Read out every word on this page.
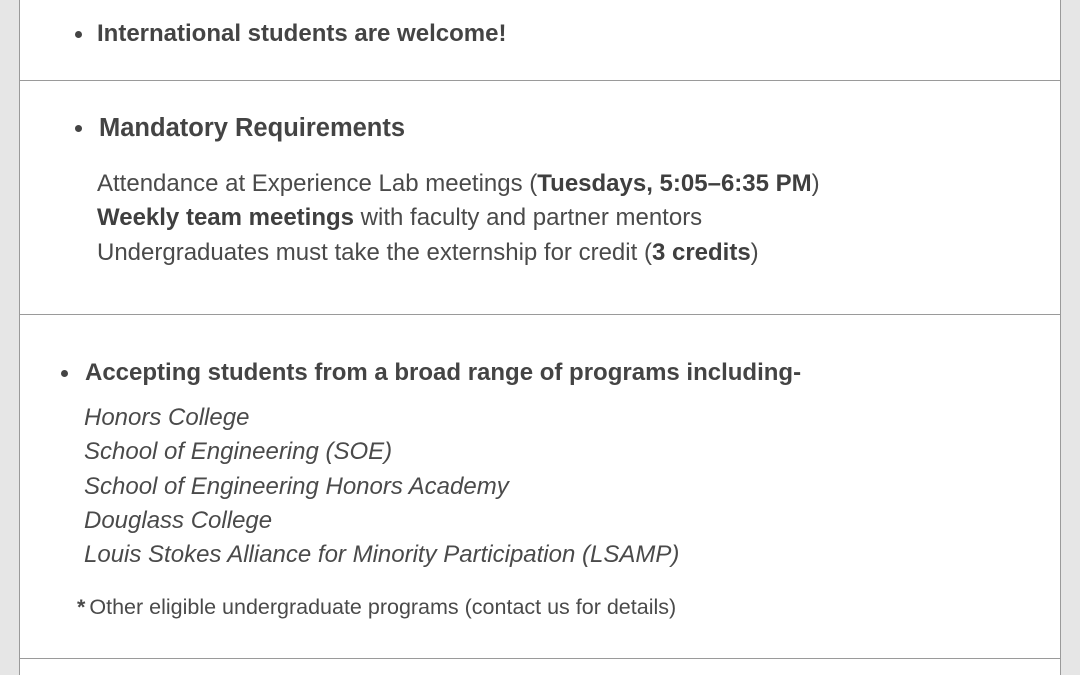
International students are welcome!
Mandatory Requirements
Attendance at Experience Lab meetings (Tuesdays, 5:05–6:35 PM)
Weekly team meetings with faculty and partner mentors
Undergraduates must take the externship for credit (3 credits)
Accepting students from a broad range of programs including-
Honors College
School of Engineering (SOE)
School of Engineering Honors Academy
Douglass College
Louis Stokes Alliance for Minority Participation (LSAMP)
* Other eligible undergraduate programs (contact us for details)
